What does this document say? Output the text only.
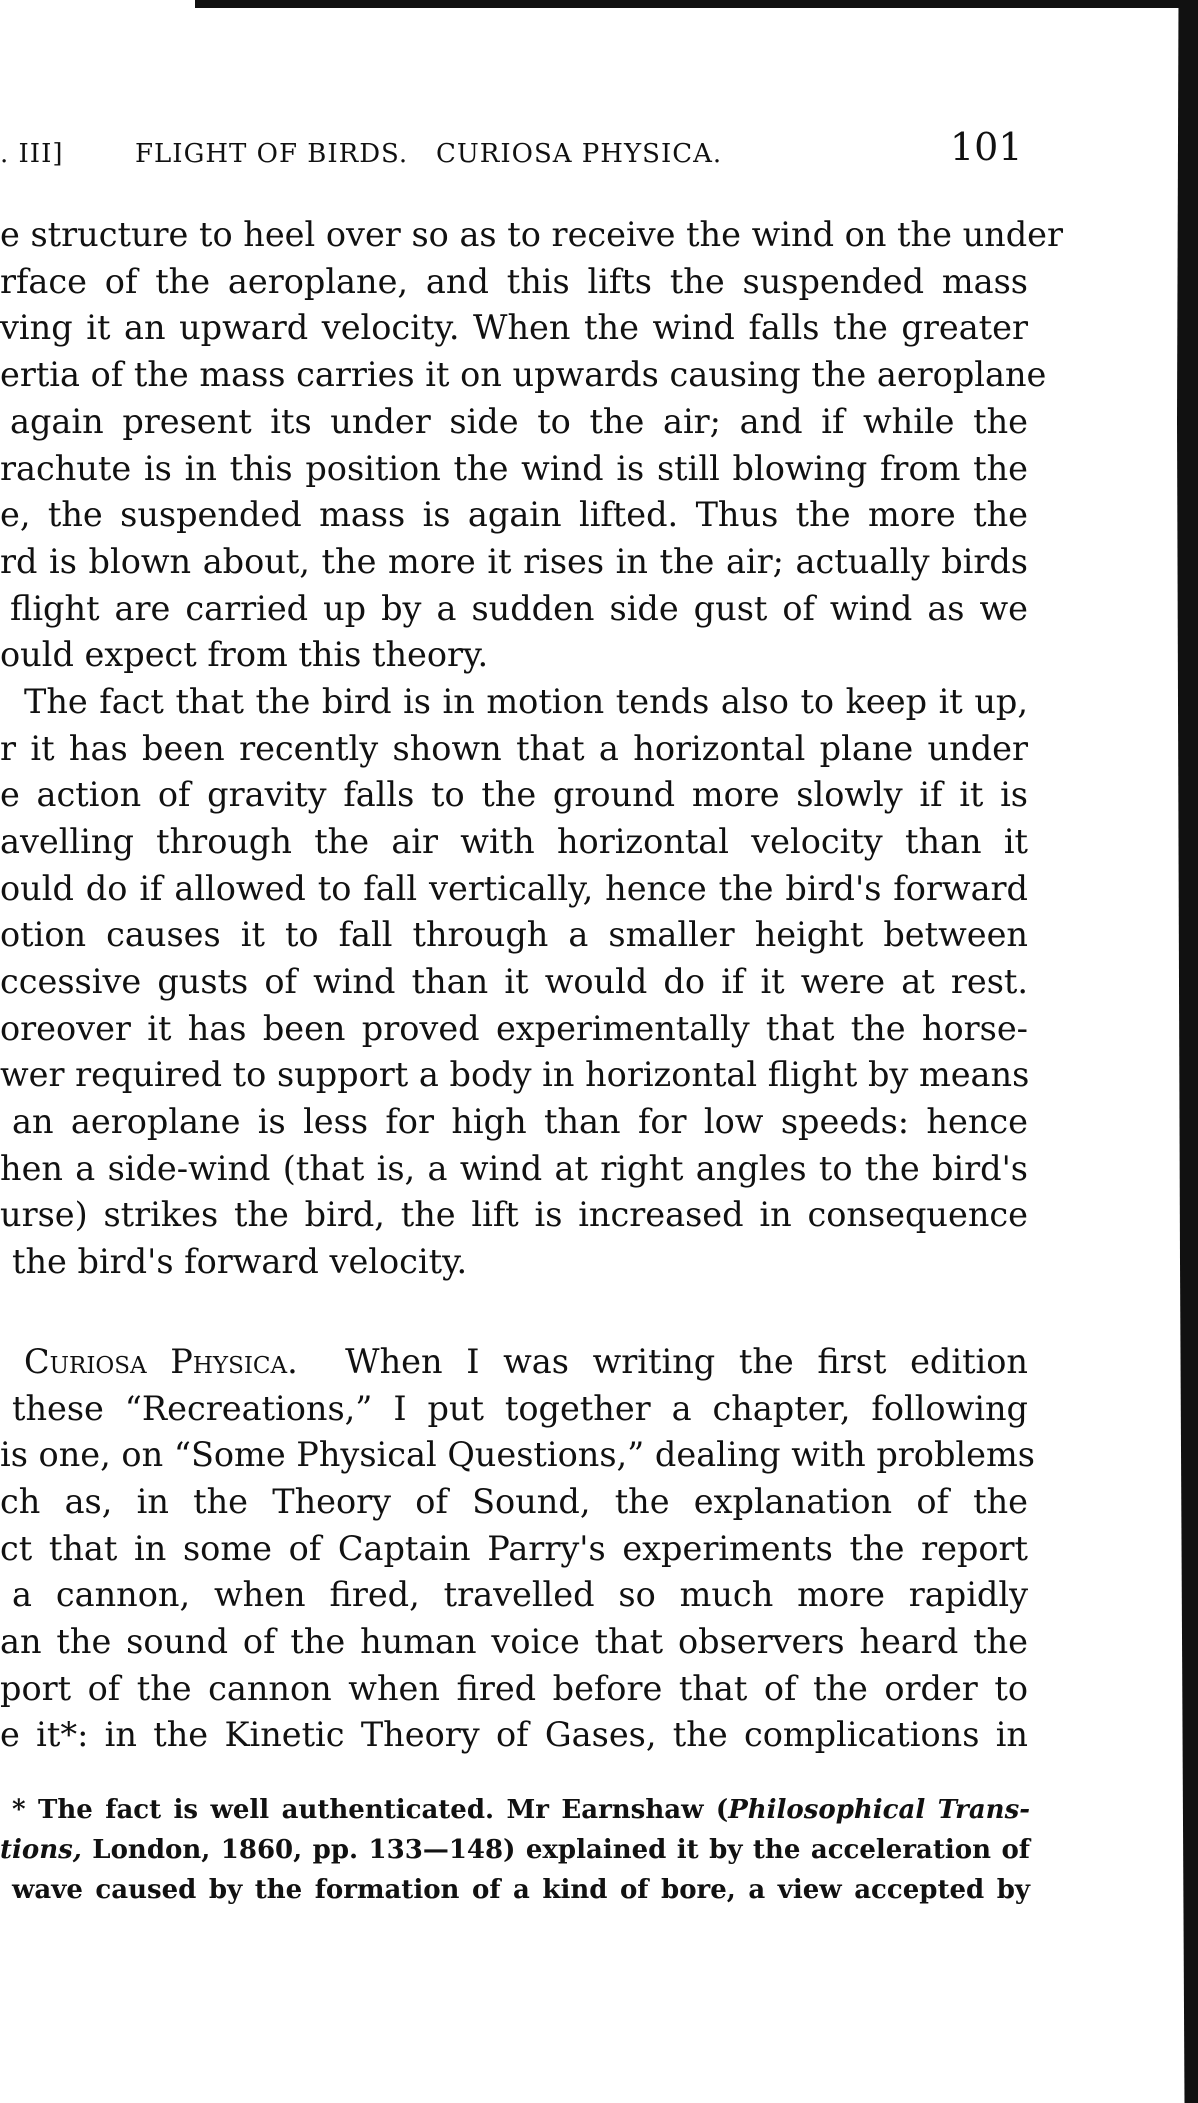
. III]	FLIGHT OF BIRDS.   CURIOSA PHYSICA.	101
e structure to heel over so as to receive the wind on the under
rface of the aeroplane, and this lifts the suspended mass
ving it an upward velocity. When the wind falls the greater
ertia of the mass carries it on upwards causing the aeroplane
again present its under side to the air; and if while the
rachute is in this position the wind is still blowing from the
e, the suspended mass is again lifted. Thus the more the
rd is blown about, the more it rises in the air; actually birds
flight are carried up by a sudden side gust of wind as we
ould expect from this theory.
The fact that the bird is in motion tends also to keep it up,
r it has been recently shown that a horizontal plane under
e action of gravity falls to the ground more slowly if it is
avelling through the air with horizontal velocity than it
ould do if allowed to fall vertically, hence the bird's forward
otion causes it to fall through a smaller height between
ccessive gusts of wind than it would do if it were at rest.
oreover it has been proved experimentally that the horse-
wer required to support a body in horizontal flight by means
an aeroplane is less for high than for low speeds: hence
hen a side-wind (that is, a wind at right angles to the bird's
urse) strikes the bird, the lift is increased in consequence
the bird's forward velocity.
Curiosa Physica. When I was writing the first edition
these “Recreations,” I put together a chapter, following
is one, on “Some Physical Questions,” dealing with problems
ch as, in the Theory of Sound, the explanation of the
ct that in some of Captain Parry's experiments the report
a cannon, when fired, travelled so much more rapidly
an the sound of the human voice that observers heard the
port of the cannon when fired before that of the order to
e it*: in the Kinetic Theory of Gases, the complications in
* The fact is well authenticated. Mr Earnshaw (Philosophical Trans-
tions, London, 1860, pp. 133—148) explained it by the acceleration of
wave caused by the formation of a kind of bore, a view accepted by
